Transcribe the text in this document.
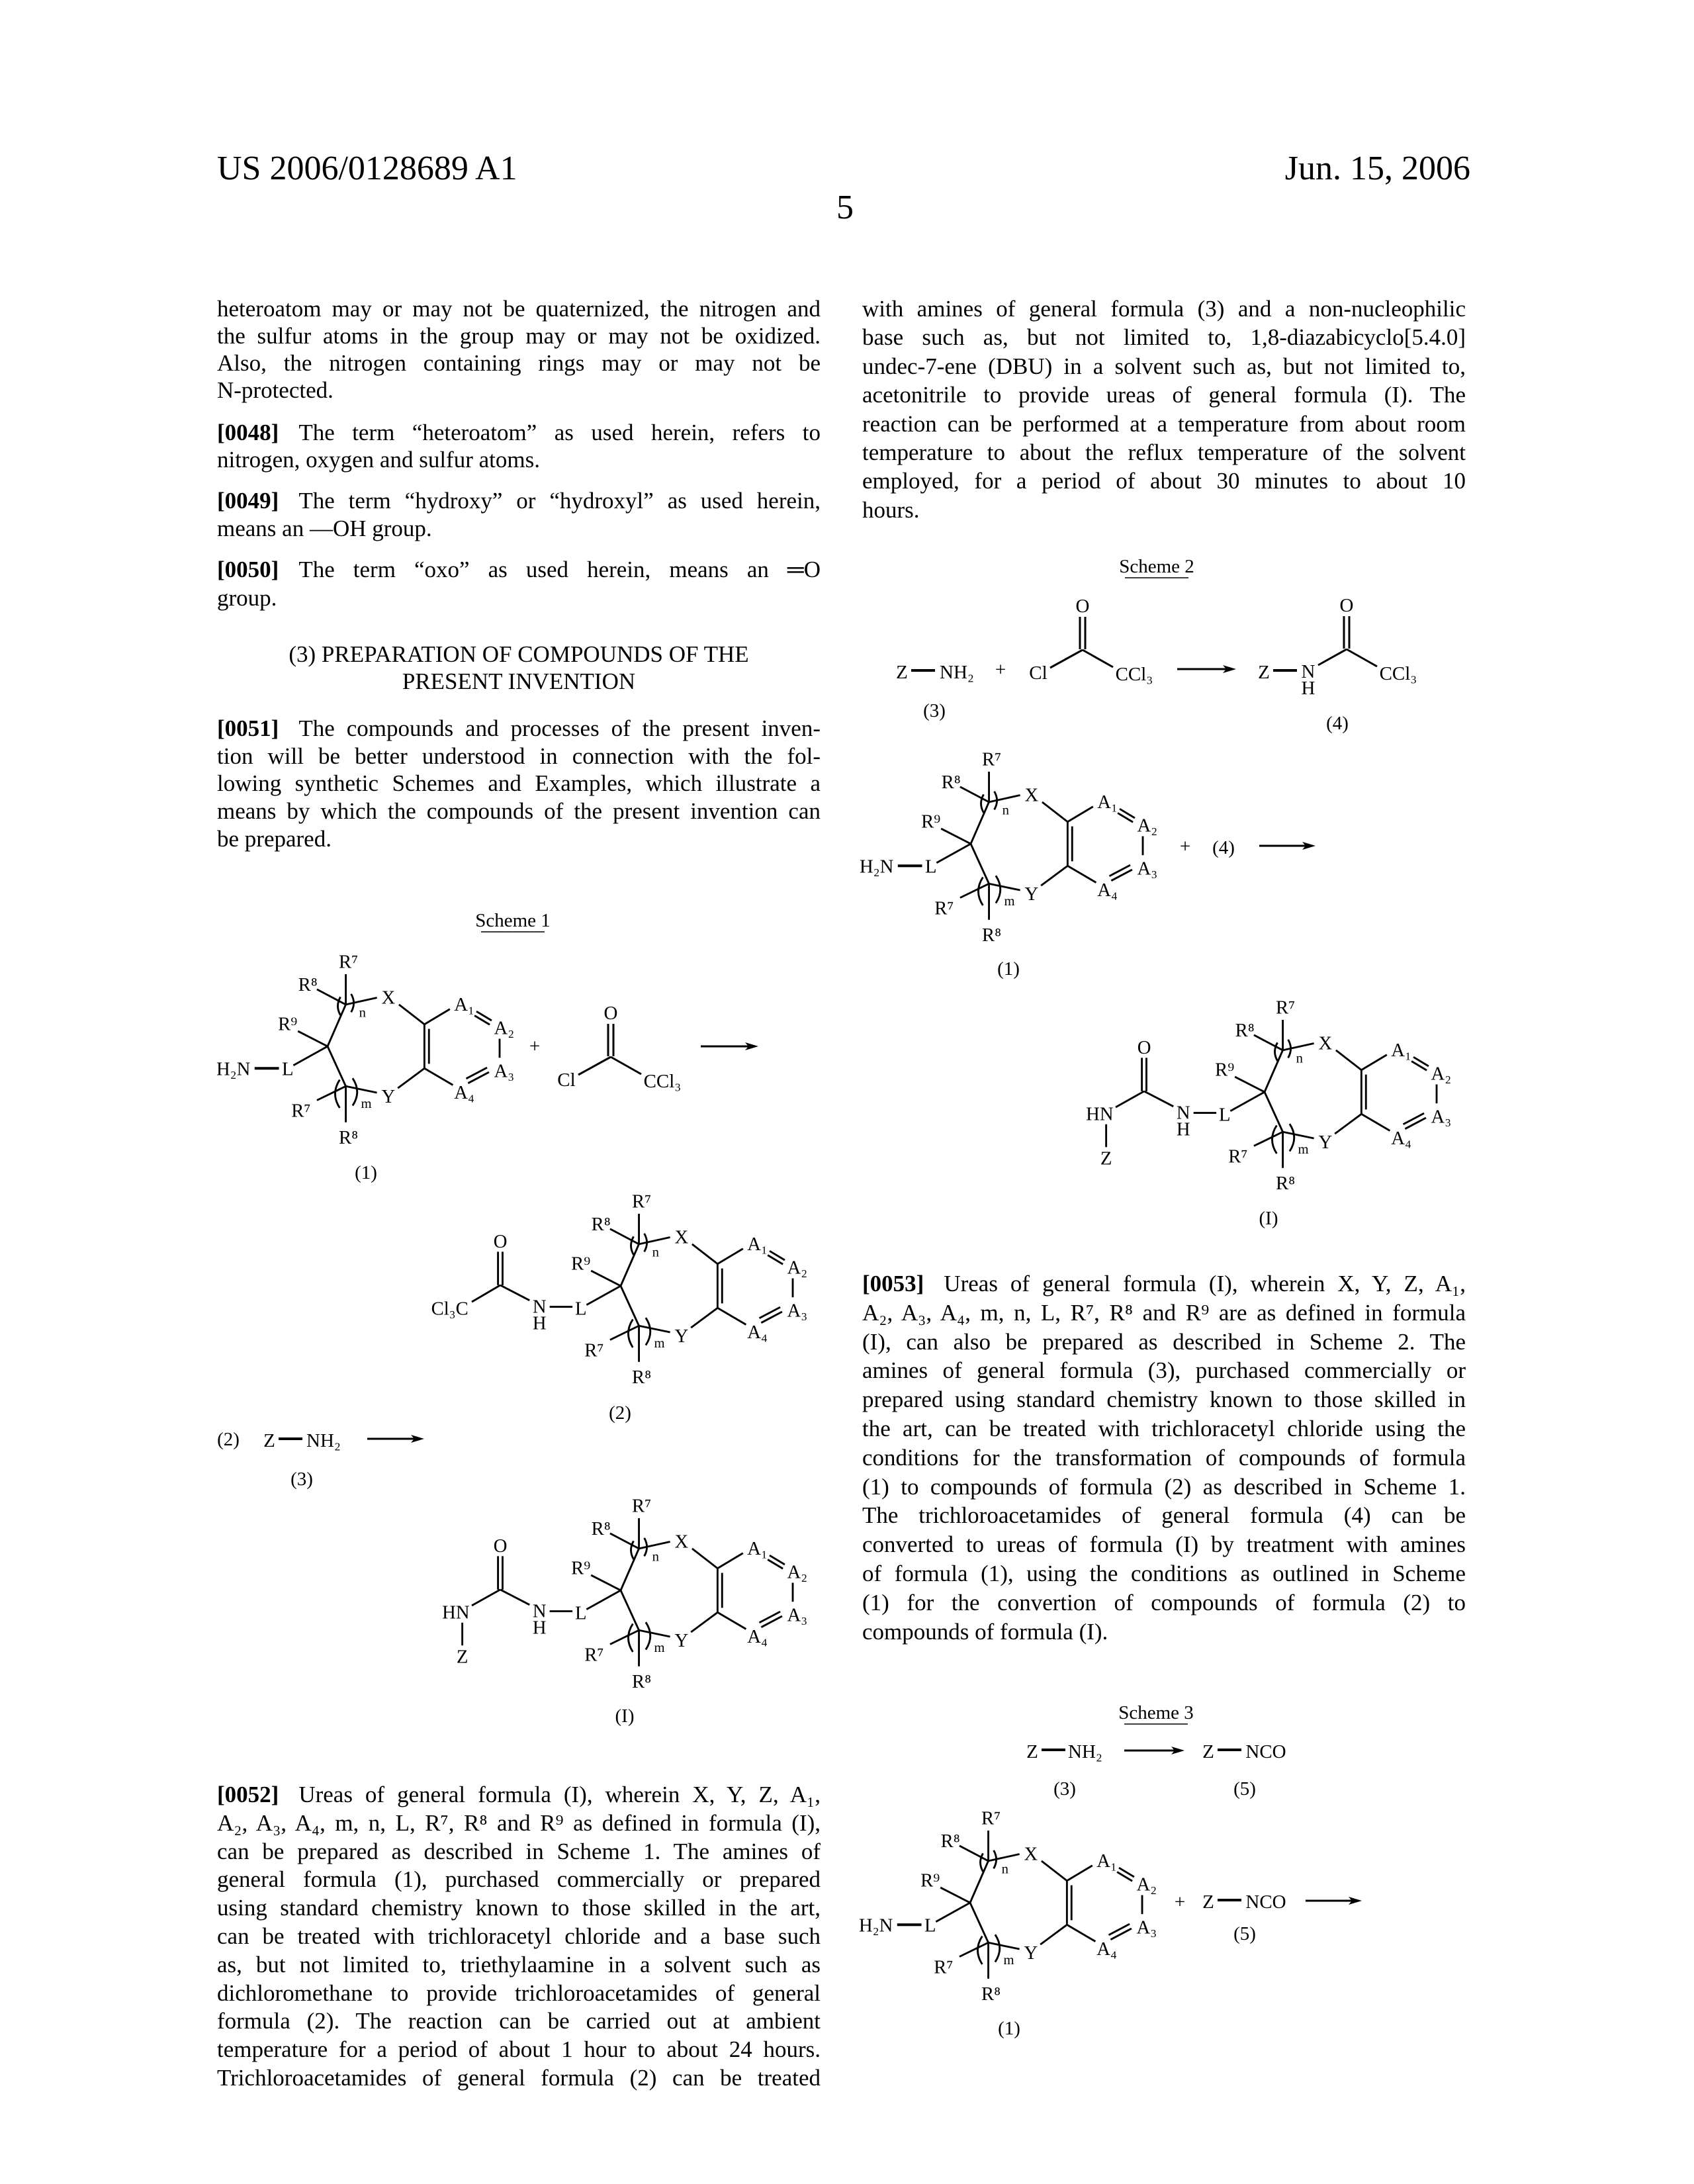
US 2006/0128689 A1	Jun. 15, 2006
5
heteroatom may or may not be quaternized, the nitrogen and
the sulfur atoms in the group may or may not be oxidized.
Also, the nitrogen containing rings may or may not be
N-protected.
[0048] The term “heteroatom” as used herein, refers to
nitrogen, oxygen and sulfur atoms.
[0049] The term “hydroxy” or “hydroxyl” as used herein,
means an —OH group.
[0050] The term “oxo” as used herein, means an ═O
group.
(3) PREPARATION OF COMPOUNDS OF THE
PRESENT INVENTION
[0051] The compounds and processes of the present inven-
tion will be better understood in connection with the fol-
lowing synthetic Schemes and Examples, which illustrate a
means by which the compounds of the present invention can
be prepared.
[0052] Ureas of general formula (I), wherein X, Y, Z, A₁,
A₂, A₃, A₄, m, n, L, R⁷, R⁸ and R⁹ as defined in formula (I),
can be prepared as described in Scheme 1. The amines of
general formula (1), purchased commercially or prepared
using standard chemistry known to those skilled in the art,
can be treated with trichloracetyl chloride and a base such
as, but not limited to, triethylaamine in a solvent such as
dichloromethane to provide trichloroacetamides of general
formula (2). The reaction can be carried out at ambient
temperature for a period of about 1 hour to about 24 hours.
Trichloroacetamides of general formula (2) can be treated
with amines of general formula (3) and a non-nucleophilic
base such as, but not limited to, 1,8-diazabicyclo[5.4.0]
undec-7-ene (DBU) in a solvent such as, but not limited to,
acetonitrile to provide ureas of general formula (I). The
reaction can be performed at a temperature from about room
temperature to about the reflux temperature of the solvent
employed, for a period of about 30 minutes to about 10
hours.
[0053] Ureas of general formula (I), wherein X, Y, Z, A₁,
A₂, A₃, A₄, m, n, L, R⁷, R⁸ and R⁹ are as defined in formula
(I), can also be prepared as described in Scheme 2. The
amines of general formula (3), purchased commercially or
prepared using standard chemistry known to those skilled in
the art, can be treated with trichloracetyl chloride using the
conditions for the transformation of compounds of formula
(1) to compounds of formula (2) as described in Scheme 1.
The trichloroacetamides of general formula (4) can be
converted to ureas of formula (I) by treatment with amines
of formula (1), using the conditions as outlined in Scheme
(1) for the convertion of compounds of formula (2) to
compounds of formula (I).
Scheme 1
R⁷
R⁸
X A₁
A₂
A₃
A₄
Y
R⁷
R⁸
R⁹
L
n
m
H₂N
+
O
Cl	CCl₃
(1)
R⁷
R⁸
X A₁
A₂
A₃
A₄
Y
R⁷
R⁸
R⁹
L
n
m
N
H
O
Cl₃C
(2)
(2) Z NH₂
(3)
R⁷
R⁸
X A₁
A₂
A₃
A₄
Y
R⁷
R⁸
R⁹
L
n
m
N
H
O
HN
Z
(I)
Scheme 2
Z NH₂ +
O
Cl	CCl₃	Z N
H
O
CCl₃
(3)
(4)
R⁷
R⁸
X A₁
A₂
A₃
A₄
Y
R⁷
R⁸
R⁹
L
n
m
H₂N
+ (4)
(1)
R⁷
R⁸
X A₁
A₂
A₃
A₄
Y
R⁷
R⁸
R⁹
L
n
m
N
H
O
HN
Z
(I)
Scheme 3
Z NH₂	Z NCO
(3)	(5)
R⁷
R⁸
X A₁
A₂
A₃
A₄
Y
R⁷
R⁸
R⁹
L
n
m
H₂N
+ Z NCO
(5)
(1)
